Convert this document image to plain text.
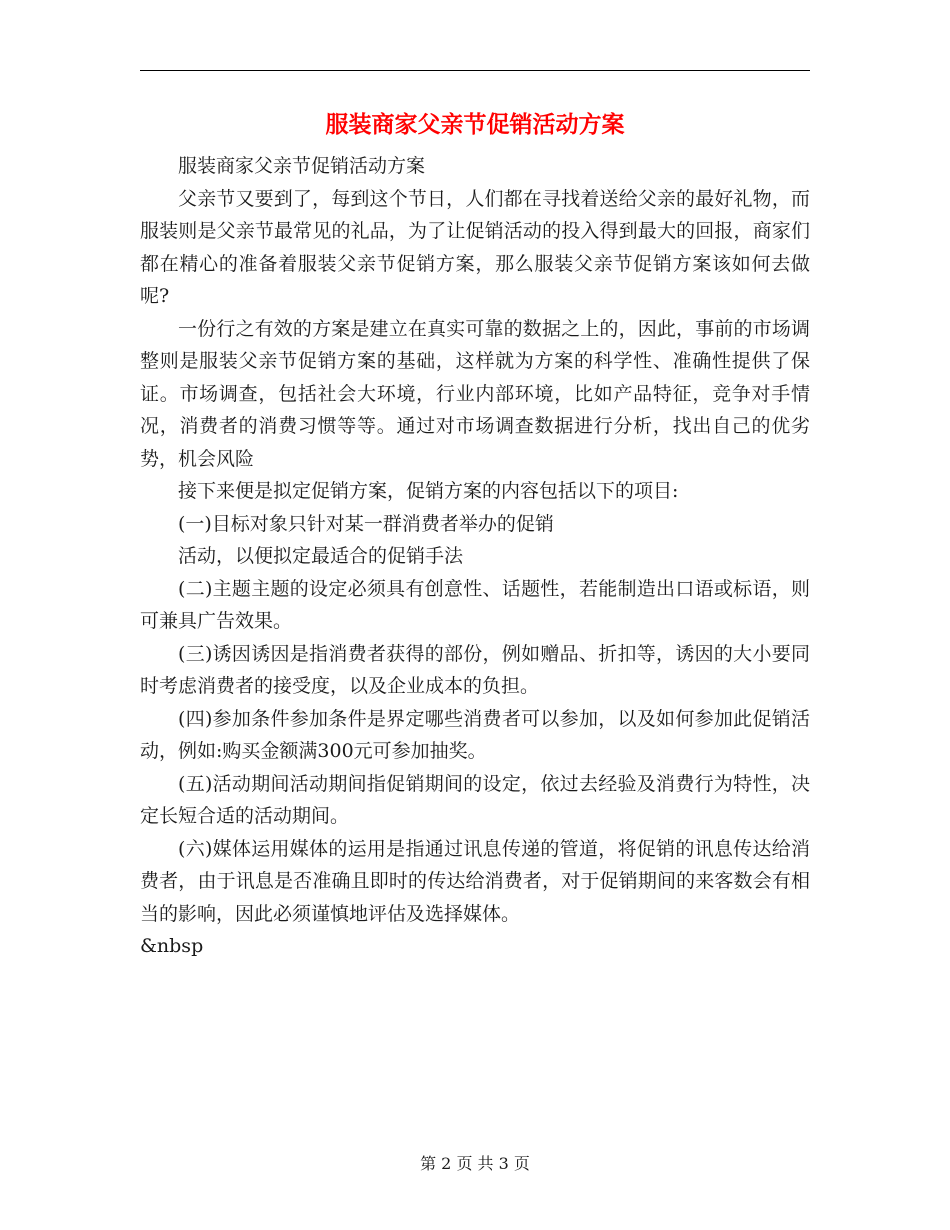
服装商家父亲节促销活动方案

服装商家父亲节促销活动方案

父亲节又要到了，每到这个节日，人们都在寻找着送给父亲的最好礼物，而服装则是父亲节最常见的礼品，为了让促销活动的投入得到最大的回报，商家们都在精心的准备着服装父亲节促销方案，那么服装父亲节促销方案该如何去做呢?

一份行之有效的方案是建立在真实可靠的数据之上的，因此，事前的市场调整则是服装父亲节促销方案的基础，这样就为方案的科学性、准确性提供了保证。市场调查，包括社会大环境，行业内部环境，比如产品特征，竞争对手情况，消费者的消费习惯等等。通过对市场调查数据进行分析，找出自己的优劣势，机会风险

接下来便是拟定促销方案，促销方案的内容包括以下的项目:

(一)目标对象只针对某一群消费者举办的促销

活动，以便拟定最适合的促销手法

(二)主题主题的设定必须具有创意性、话题性，若能制造出口语或标语，则可兼具广告效果。

(三)诱因诱因是指消费者获得的部份，例如赠品、折扣等，诱因的大小要同时考虑消费者的接受度，以及企业成本的负担。

(四)参加条件参加条件是界定哪些消费者可以参加，以及如何参加此促销活动，例如:购买金额满300元可参加抽奖。

(五)活动期间活动期间指促销期间的设定，依过去经验及消费行为特性，决定长短合适的活动期间。

(六)媒体运用媒体的运用是指通过讯息传递的管道，将促销的讯息传达给消费者，由于讯息是否准确且即时的传达给消费者，对于促销期间的来客数会有相当的影响，因此必须谨慎地评估及选择媒体。

&nbsp

第 2 页 共 3 页
